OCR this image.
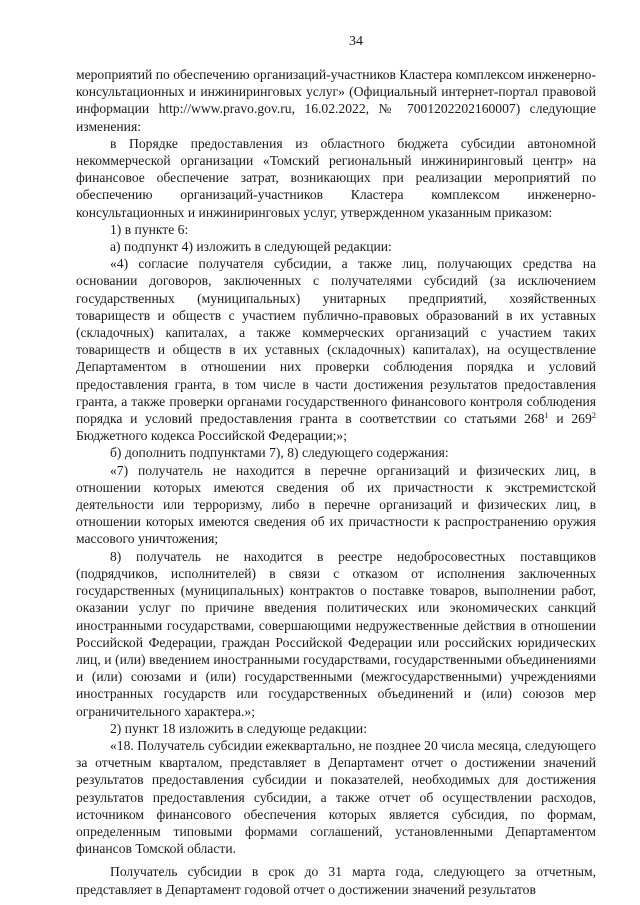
34

мероприятий по обеспечению организаций-участников Кластера комплексом инженерно-консультационных и инжиниринговых услуг» (Официальный интернет-портал правовой информации http://www.pravo.gov.ru, 16.02.2022, № 7001202202160007) следующие изменения:

в Порядке предоставления из областного бюджета субсидии автономной некоммерческой организации «Томский региональный инжиниринговый центр» на финансовое обеспечение затрат, возникающих при реализации мероприятий по обеспечению организаций-участников Кластера комплексом инженерно-консультационных и инжиниринговых услуг, утвержденном указанным приказом:

1) в пункте 6:

а) подпункт 4) изложить в следующей редакции:

«4) согласие получателя субсидии, а также лиц, получающих средства на основании договоров, заключенных с получателями субсидий (за исключением государственных (муниципальных) унитарных предприятий, хозяйственных товариществ и обществ с участием публично-правовых образований в их уставных (складочных) капиталах, а также коммерческих организаций с участием таких товариществ и обществ в их уставных (складочных) капиталах), на осуществление Департаментом в отношении них проверки соблюдения порядка и условий предоставления гранта, в том числе в части достижения результатов предоставления гранта, а также проверки органами государственного финансового контроля соблюдения порядка и условий предоставления гранта в соответствии со статьями $268^1$ и $269^2$ Бюджетного кодекса Российской Федерации;»;

б) дополнить подпунктами 7), 8) следующего содержания:

«7) получатель не находится в перечне организаций и физических лиц, в отношении которых имеются сведения об их причастности к экстремистской деятельности или терроризму, либо в перечне организаций и физических лиц, в отношении которых имеются сведения об их причастности к распространению оружия массового уничтожения;

8) получатель не находится в реестре недобросовестных поставщиков (подрядчиков, исполнителей) в связи с отказом от исполнения заключенных государственных (муниципальных) контрактов о поставке товаров, выполнении работ, оказании услуг по причине введения политических или экономических санкций иностранными государствами, совершающими недружественные действия в отношении Российской Федерации, граждан Российской Федерации или российских юридических лиц, и (или) введением иностранными государствами, государственными объединениями и (или) союзами и (или) государственными (межгосударственными) учреждениями иностранных государств или государственных объединений и (или) союзов мер ограничительного характера.»;

2) пункт 18 изложить в следующе редакции:

«18. Получатель субсидии ежеквартально, не позднее 20 числа месяца, следующего за отчетным кварталом, представляет в Департамент отчет о достижении значений результатов предоставления субсидии и показателей, необходимых для достижения результатов предоставления субсидии, а также отчет об осуществлении расходов, источником финансового обеспечения которых является субсидия, по формам, определенным типовыми формами соглашений, установленными Департаментом финансов Томской области.

Получатель субсидии в срок до 31 марта года, следующего за отчетным, представляет в Департамент годовой отчет о достижении значений результатов
